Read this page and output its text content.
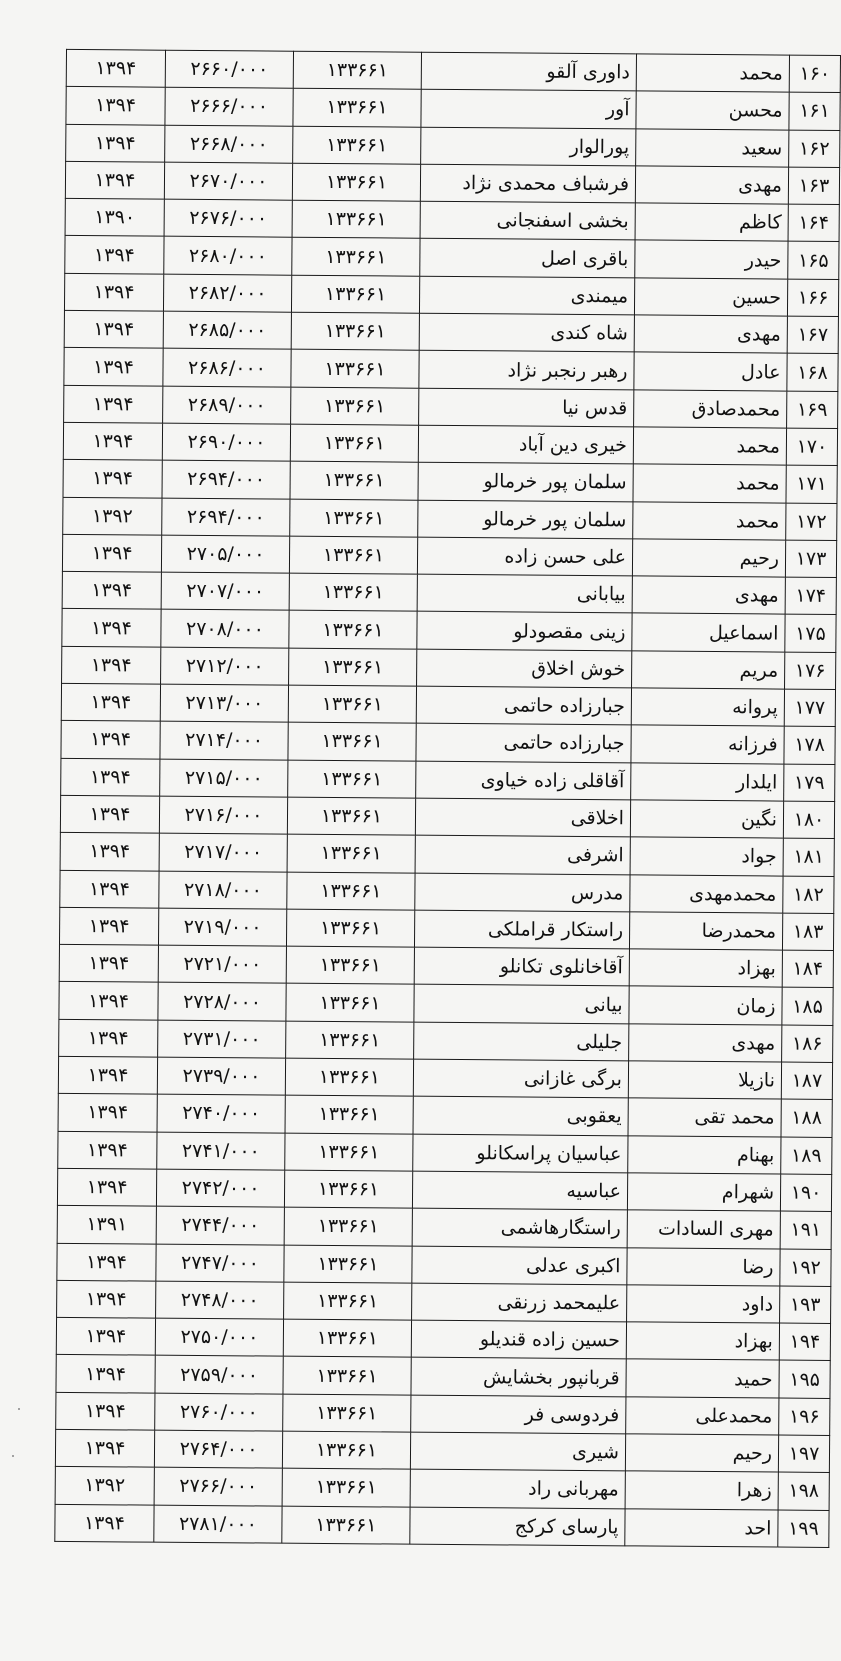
۱۶۰	محمد	داوری آلقو	۱۳۳۶۶۱	۲۶۶۰/۰۰۰	۱۳۹۴
۱۶۱	محسن	آور	۱۳۳۶۶۱	۲۶۶۶/۰۰۰	۱۳۹۴
۱۶۲	سعید	پورالوار	۱۳۳۶۶۱	۲۶۶۸/۰۰۰	۱۳۹۴
۱۶۳	مهدی	فرشباف محمدی نژاد	۱۳۳۶۶۱	۲۶۷۰/۰۰۰	۱۳۹۴
۱۶۴	کاظم	بخشی اسفنجانی	۱۳۳۶۶۱	۲۶۷۶/۰۰۰	۱۳۹۰
۱۶۵	حیدر	باقری اصل	۱۳۳۶۶۱	۲۶۸۰/۰۰۰	۱۳۹۴
۱۶۶	حسین	میمندی	۱۳۳۶۶۱	۲۶۸۲/۰۰۰	۱۳۹۴
۱۶۷	مهدی	شاه کندی	۱۳۳۶۶۱	۲۶۸۵/۰۰۰	۱۳۹۴
۱۶۸	عادل	رهبر رنجبر نژاد	۱۳۳۶۶۱	۲۶۸۶/۰۰۰	۱۳۹۴
۱۶۹	محمدصادق	قدس نیا	۱۳۳۶۶۱	۲۶۸۹/۰۰۰	۱۳۹۴
۱۷۰	محمد	خیری دین آباد	۱۳۳۶۶۱	۲۶۹۰/۰۰۰	۱۳۹۴
۱۷۱	محمد	سلمان پور خرمالو	۱۳۳۶۶۱	۲۶۹۴/۰۰۰	۱۳۹۴
۱۷۲	محمد	سلمان پور خرمالو	۱۳۳۶۶۱	۲۶۹۴/۰۰۰	۱۳۹۲
۱۷۳	رحیم	علی حسن زاده	۱۳۳۶۶۱	۲۷۰۵/۰۰۰	۱۳۹۴
۱۷۴	مهدی	بیابانی	۱۳۳۶۶۱	۲۷۰۷/۰۰۰	۱۳۹۴
۱۷۵	اسماعیل	زینی مقصودلو	۱۳۳۶۶۱	۲۷۰۸/۰۰۰	۱۳۹۴
۱۷۶	مریم	خوش اخلاق	۱۳۳۶۶۱	۲۷۱۲/۰۰۰	۱۳۹۴
۱۷۷	پروانه	جبارزاده حاتمی	۱۳۳۶۶۱	۲۷۱۳/۰۰۰	۱۳۹۴
۱۷۸	فرزانه	جبارزاده حاتمی	۱۳۳۶۶۱	۲۷۱۴/۰۰۰	۱۳۹۴
۱۷۹	ایلدار	آقاقلی زاده خیاوی	۱۳۳۶۶۱	۲۷۱۵/۰۰۰	۱۳۹۴
۱۸۰	نگین	اخلاقی	۱۳۳۶۶۱	۲۷۱۶/۰۰۰	۱۳۹۴
۱۸۱	جواد	اشرفی	۱۳۳۶۶۱	۲۷۱۷/۰۰۰	۱۳۹۴
۱۸۲	محمدمهدی	مدرس	۱۳۳۶۶۱	۲۷۱۸/۰۰۰	۱۳۹۴
۱۸۳	محمدرضا	راستکار قراملکی	۱۳۳۶۶۱	۲۷۱۹/۰۰۰	۱۳۹۴
۱۸۴	بهزاد	آقاخانلوی تکانلو	۱۳۳۶۶۱	۲۷۲۱/۰۰۰	۱۳۹۴
۱۸۵	زمان	بیانی	۱۳۳۶۶۱	۲۷۲۸/۰۰۰	۱۳۹۴
۱۸۶	مهدی	جلیلی	۱۳۳۶۶۱	۲۷۳۱/۰۰۰	۱۳۹۴
۱۸۷	نازیلا	برگی غازانی	۱۳۳۶۶۱	۲۷۳۹/۰۰۰	۱۳۹۴
۱۸۸	محمد تقی	یعقوبی	۱۳۳۶۶۱	۲۷۴۰/۰۰۰	۱۳۹۴
۱۸۹	بهنام	عباسیان پراسکانلو	۱۳۳۶۶۱	۲۷۴۱/۰۰۰	۱۳۹۴
۱۹۰	شهرام	عباسیه	۱۳۳۶۶۱	۲۷۴۲/۰۰۰	۱۳۹۴
۱۹۱	مهری السادات	راستگارهاشمی	۱۳۳۶۶۱	۲۷۴۴/۰۰۰	۱۳۹۱
۱۹۲	رضا	اکبری عدلی	۱۳۳۶۶۱	۲۷۴۷/۰۰۰	۱۳۹۴
۱۹۳	داود	علیمحمد زرنقی	۱۳۳۶۶۱	۲۷۴۸/۰۰۰	۱۳۹۴
۱۹۴	بهزاد	حسین زاده قندیلو	۱۳۳۶۶۱	۲۷۵۰/۰۰۰	۱۳۹۴
۱۹۵	حمید	قربانپور بخشایش	۱۳۳۶۶۱	۲۷۵۹/۰۰۰	۱۳۹۴
۱۹۶	محمدعلی	فردوسی فر	۱۳۳۶۶۱	۲۷۶۰/۰۰۰	۱۳۹۴
۱۹۷	رحیم	شیری	۱۳۳۶۶۱	۲۷۶۴/۰۰۰	۱۳۹۴
۱۹۸	زهرا	مهربانی راد	۱۳۳۶۶۱	۲۷۶۶/۰۰۰	۱۳۹۲
۱۹۹	احد	پارسای کرکج	۱۳۳۶۶۱	۲۷۸۱/۰۰۰	۱۳۹۴
